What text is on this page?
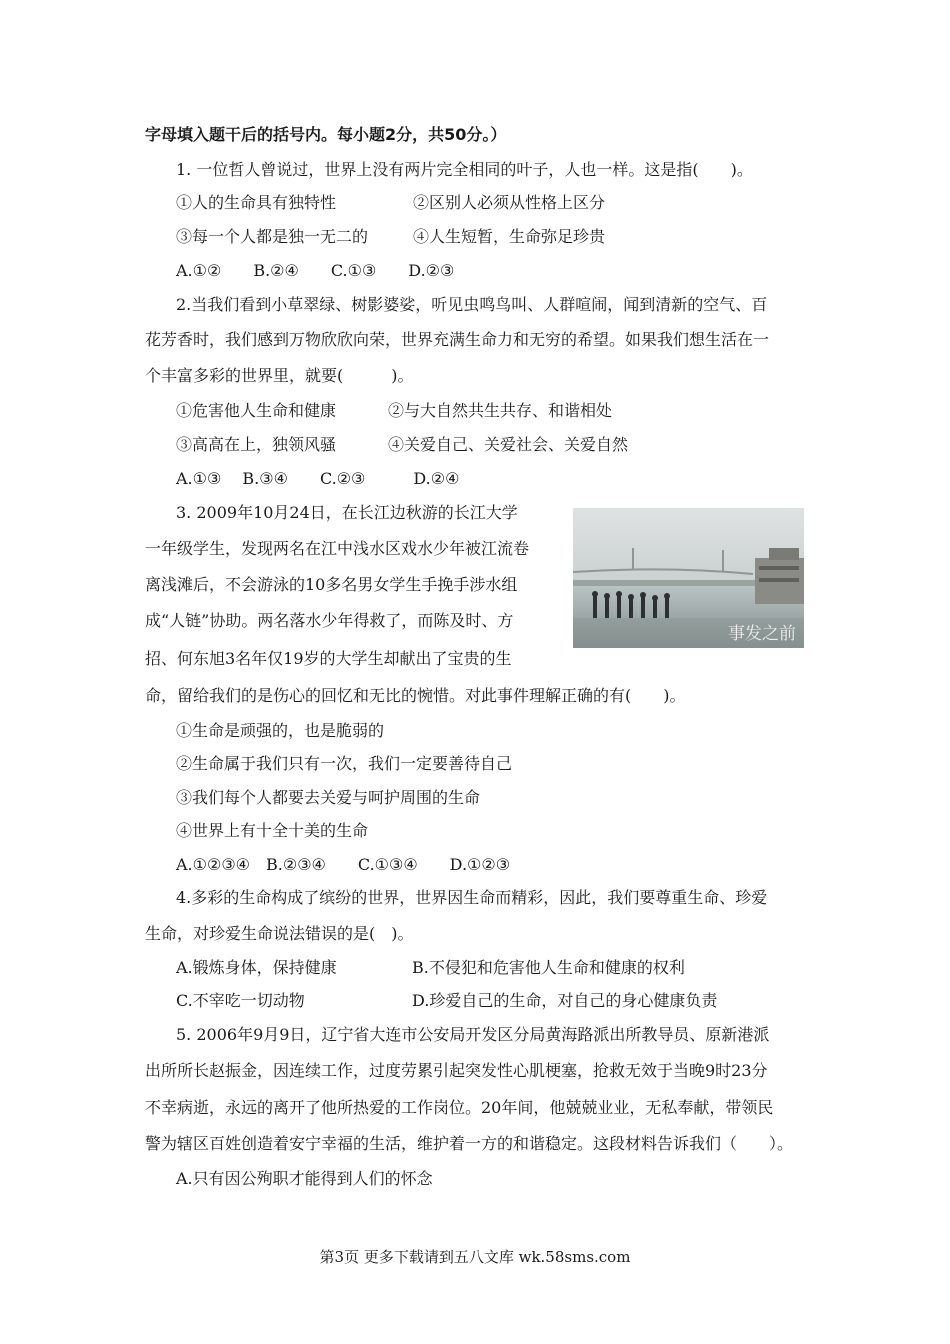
字母填入题干后的括号内。每小题2分，共50分。）
1. 一位哲人曾说过，世界上没有两片完全相同的叶子，人也一样。这是指(　　)。
①人的生命具有独特性	②区别人必须从性格上区分
③每一个人都是独一无二的	④人生短暂，生命弥足珍贵
A.①②　　B.②④　　C.①③　　D.②③
2.当我们看到小草翠绿、树影婆娑，听见虫鸣鸟叫、人群喧闹，闻到清新的空气、百
花芳香时，我们感到万物欣欣向荣，世界充满生命力和无穷的希望。如果我们想生活在一
个丰富多彩的世界里，就要(　　　)。
①危害他人生命和健康	②与大自然共生共存、和谐相处
③高高在上，独领风骚	④关爱自己、关爱社会、关爱自然
A.①③　 B.③④　　C.②③　　　D.②④
3. 2009年10月24日，在长江边秋游的长江大学
一年级学生，发现两名在江中浅水区戏水少年被江流卷
离浅滩后，不会游泳的10多名男女学生手挽手涉水组
成“人链”协助。两名落水少年得救了，而陈及时、方
招、何东旭3名年仅19岁的大学生却献出了宝贵的生
命，留给我们的是伤心的回忆和无比的惋惜。对此事件理解正确的有(　　)。
事发之前
①生命是顽强的，也是脆弱的
②生命属于我们只有一次，我们一定要善待自己
③我们每个人都要去关爱与呵护周围的生命
④世界上有十全十美的生命
A.①②③④　B.②③④　　C.①③④　　D.①②③
4.多彩的生命构成了缤纷的世界，世界因生命而精彩，因此，我们要尊重生命、珍爱
生命，对珍爱生命说法错误的是(　)。
A.锻炼身体，保持健康	B.不侵犯和危害他人生命和健康的权利
C.不宰吃一切动物	D.珍爱自己的生命，对自己的身心健康负责
5. 2006年9月9日，辽宁省大连市公安局开发区分局黄海路派出所教导员、原新港派
出所所长赵振金，因连续工作，过度劳累引起突发性心肌梗塞，抢救无效于当晚9时23分
不幸病逝，永远的离开了他所热爱的工作岗位。20年间，他兢兢业业，无私奉献，带领民
警为辖区百姓创造着安宁幸福的生活，维护着一方的和谐稳定。这段材料告诉我们（　　）。
A.只有因公殉职才能得到人们的怀念
第3页 更多下载请到五八文库 wk.58sms.com
